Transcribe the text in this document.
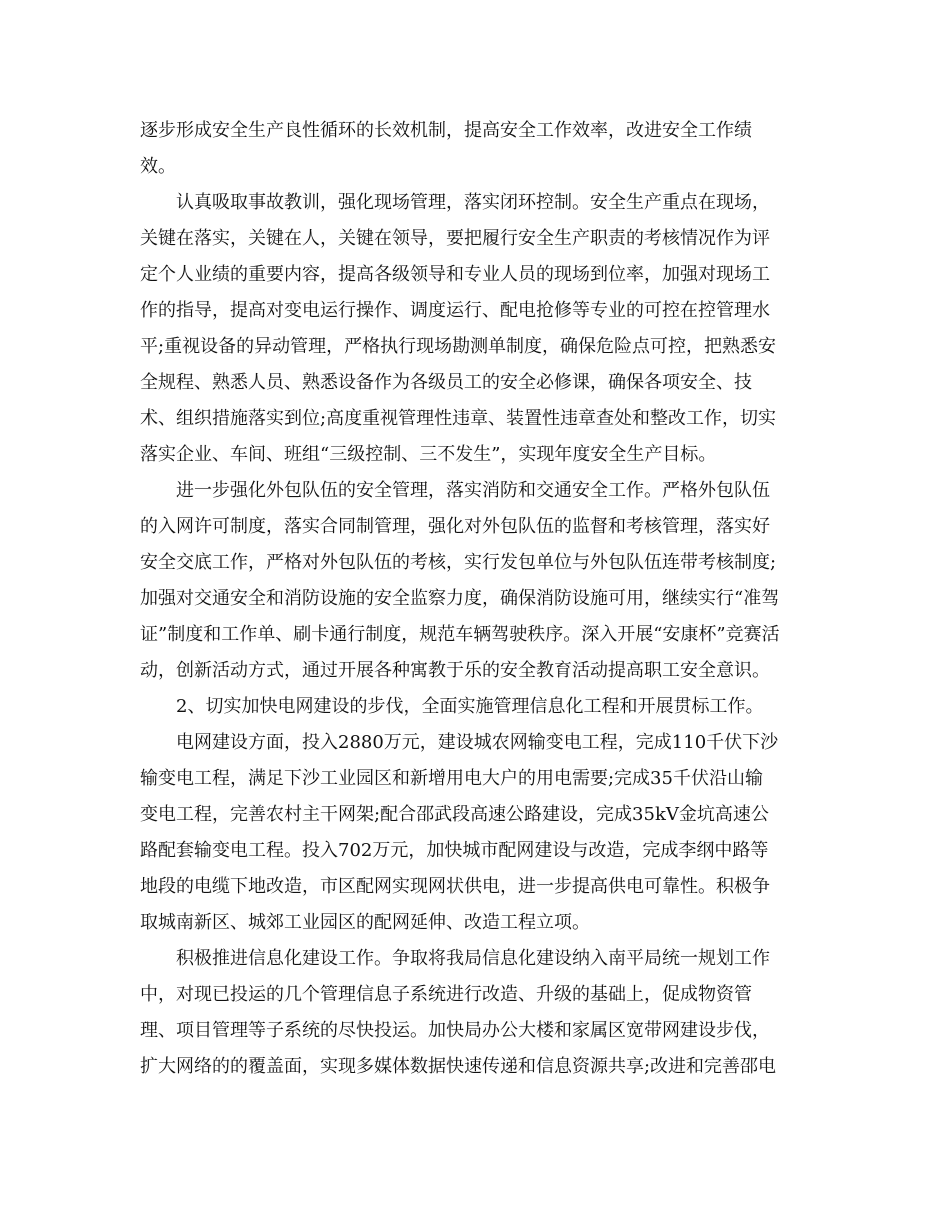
逐步形成安全生产良性循环的长效机制，提高安全工作效率，改进安全工作绩
效。
认真吸取事故教训，强化现场管理，落实闭环控制。安全生产重点在现场，
关键在落实，关键在人，关键在领导，要把履行安全生产职责的考核情况作为评
定个人业绩的重要内容，提高各级领导和专业人员的现场到位率，加强对现场工
作的指导，提高对变电运行操作、调度运行、配电抢修等专业的可控在控管理水
平;重视设备的异动管理，严格执行现场勘测单制度，确保危险点可控，把熟悉安
全规程、熟悉人员、熟悉设备作为各级员工的安全必修课，确保各项安全、技
术、组织措施落实到位;高度重视管理性违章、装置性违章查处和整改工作，切实
落实企业、车间、班组“三级控制、三不发生”，实现年度安全生产目标。
进一步强化外包队伍的安全管理，落实消防和交通安全工作。严格外包队伍
的入网许可制度，落实合同制管理，强化对外包队伍的监督和考核管理，落实好
安全交底工作，严格对外包队伍的考核，实行发包单位与外包队伍连带考核制度;
加强对交通安全和消防设施的安全监察力度，确保消防设施可用，继续实行“准驾
证”制度和工作单、刷卡通行制度，规范车辆驾驶秩序。深入开展“安康杯”竞赛活
动，创新活动方式，通过开展各种寓教于乐的安全教育活动提高职工安全意识。
2、切实加快电网建设的步伐，全面实施管理信息化工程和开展贯标工作。
电网建设方面，投入2880万元，建设城农网输变电工程，完成110千伏下沙
输变电工程，满足下沙工业园区和新增用电大户的用电需要;完成35千伏沿山输
变电工程，完善农村主干网架;配合邵武段高速公路建设，完成35kV金坑高速公
路配套输变电工程。投入702万元，加快城市配网建设与改造，完成李纲中路等
地段的电缆下地改造，市区配网实现网状供电，进一步提高供电可靠性。积极争
取城南新区、城郊工业园区的配网延伸、改造工程立项。
积极推进信息化建设工作。争取将我局信息化建设纳入南平局统一规划工作
中，对现已投运的几个管理信息子系统进行改造、升级的基础上，促成物资管
理、项目管理等子系统的尽快投运。加快局办公大楼和家属区宽带网建设步伐，
扩大网络的的覆盖面，实现多媒体数据快速传递和信息资源共享;改进和完善邵电
